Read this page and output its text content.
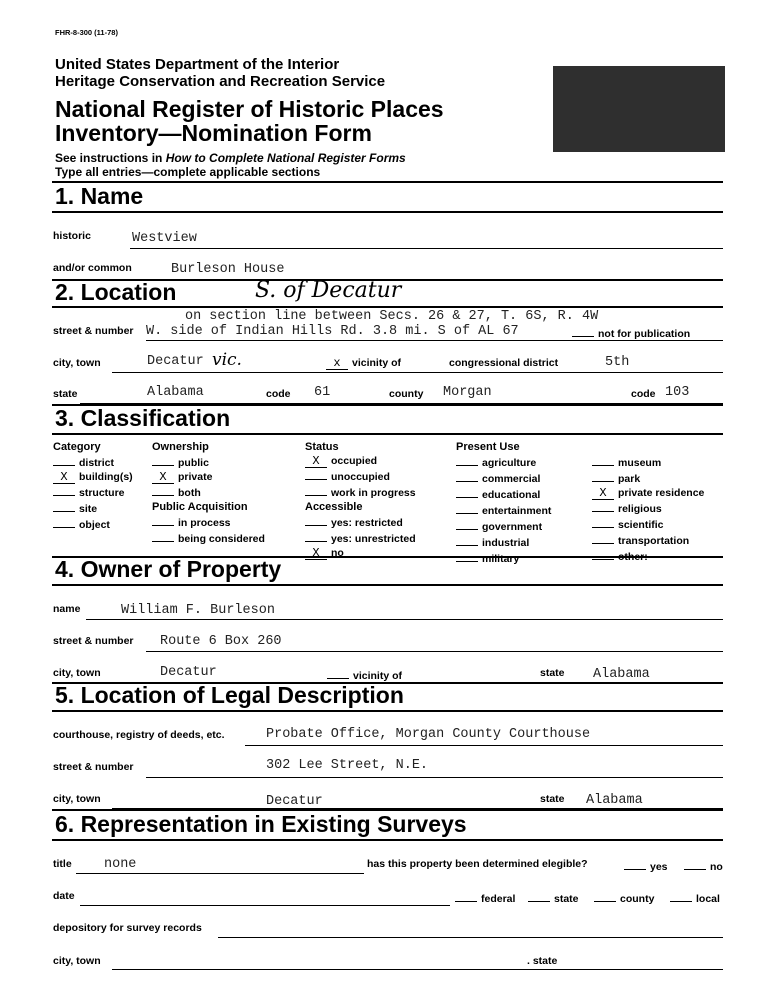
FHR-8-300 (11-78)
United States Department of the Interior
Heritage Conservation and Recreation Service
National Register of Historic Places
Inventory—Nomination Form
See instructions in How to Complete National Register Forms
Type all entries—complete applicable sections
1. Name
historic	Westview
and/or common	Burleson House
2. Location	S. of Decatur
on section line between Secs. 26 & 27, T. 6S, R. 4W
street & number W. side of Indian Hills Rd. 3.8 mi. S of AL 67	not for publication
city, town	Decatur vic.	x vicinity of	congressional district	5th
state	Alabama	code 61	county Morgan	code 103
3. Classification
Category
district
X building(s)
structure
site
object
Ownership
public
X private
both
Public Acquisition
in process
being considered
Status
X occupied
unoccupied
work in progress
Accessible
yes: restricted
yes: unrestricted
X no
Present Use
agriculture
commercial
educational
entertainment
government
industrial
military
museum
park
X private residence
religious
scientific
transportation
other:
4. Owner of Property
name	William F. Burleson
street & number Route 6 Box 260
city, town	Decatur	vicinity of	state Alabama
5. Location of Legal Description
courthouse, registry of deeds, etc.	Probate Office, Morgan County Courthouse
street & number	302 Lee Street, N.E.
city, town	Decatur	state Alabama
6. Representation in Existing Surveys
title none	has this property been determined elegible?	yes	no
date	federal	state	county	local
depository for survey records
city, town	. state
